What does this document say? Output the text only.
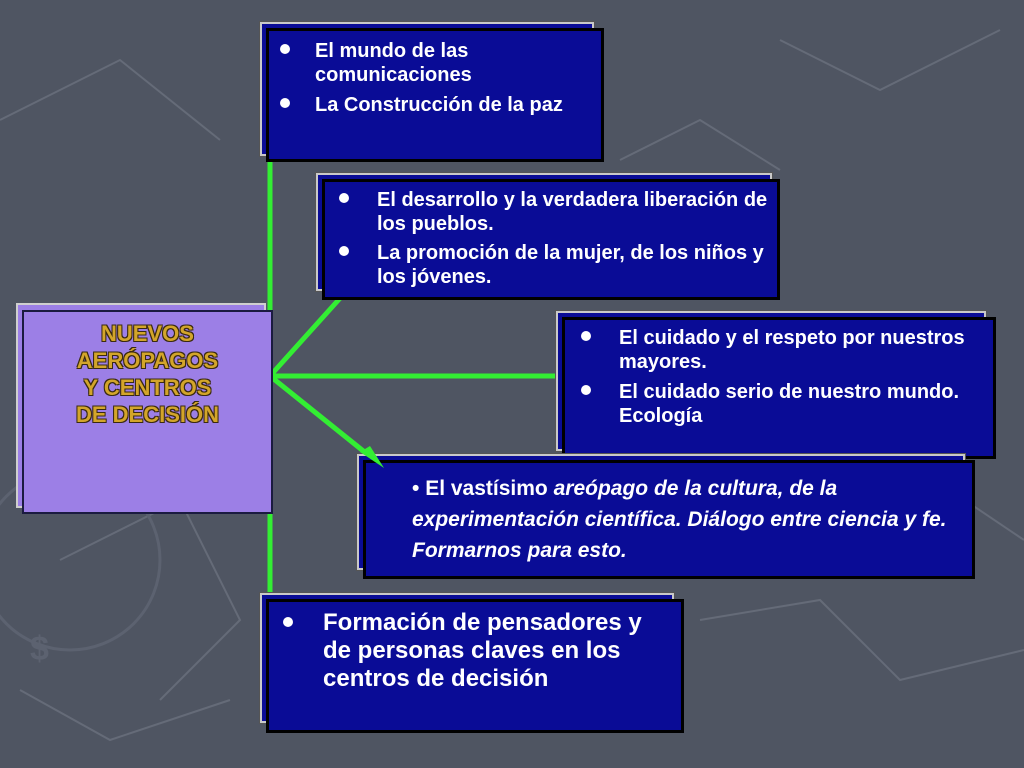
$
NUEVOS
AERÓPAGOS
Y CENTROS
DE DECISIÓN
El mundo de las comunicaciones
La Construcción de la paz
El desarrollo y la verdadera liberación de los pueblos.
La promoción de la mujer, de los niños y los jóvenes.
El cuidado y el respeto por nuestros mayores.
El cuidado serio de nuestro mundo. Ecología
• El vastísimo areópago de la cultura, de la experimentación científica. Diálogo entre ciencia y fe. Formarnos para esto.
Formación de pensadores y de personas claves en los centros de decisión
